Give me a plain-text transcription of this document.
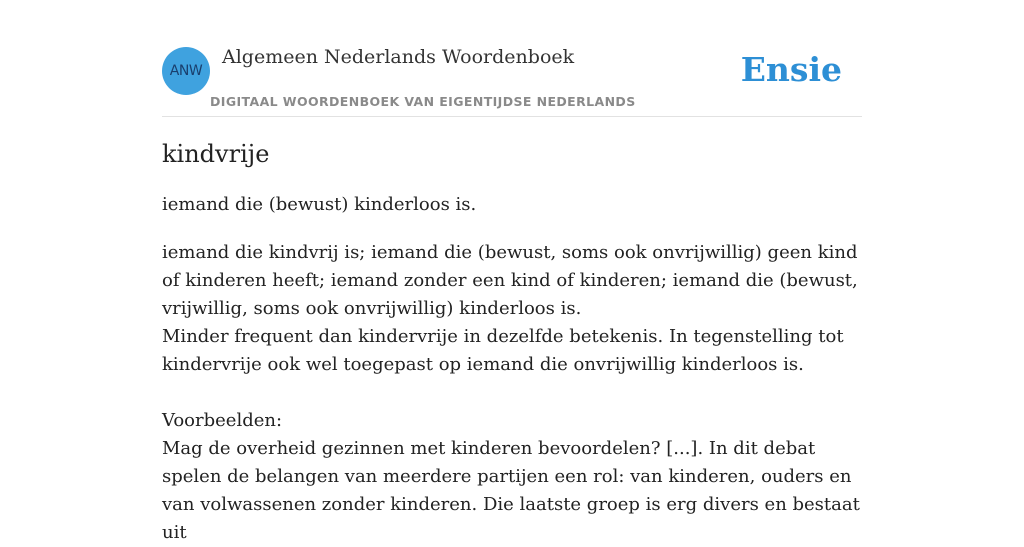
ANW
Algemeen Nederlands Woordenboek
DIGITAAL WOORDENBOEK VAN EIGENTIJDSE NEDERLANDS
Ensie
kindvrije
iemand die (bewust) kinderloos is.

iemand die kindvrij is; iemand die (bewust, soms ook onvrijwillig) geen kind of kinderen heeft; iemand zonder een kind of kinderen; iemand die (bewust, vrijwillig, soms ook onvrijwillig) kinderloos is.

Minder frequent dan kindervrije in dezelfde betekenis. In tegenstelling tot kindervrije ook wel toegepast op iemand die onvrijwillig kinderloos is.

Voorbeelden:

Mag de overheid gezinnen met kinderen bevoordelen? [...]. In dit debat spelen de belangen van meerdere partijen een rol: van kinderen, ouders en van volwassenen zonder kinderen. Die laatste groep is erg divers en bestaat uit
